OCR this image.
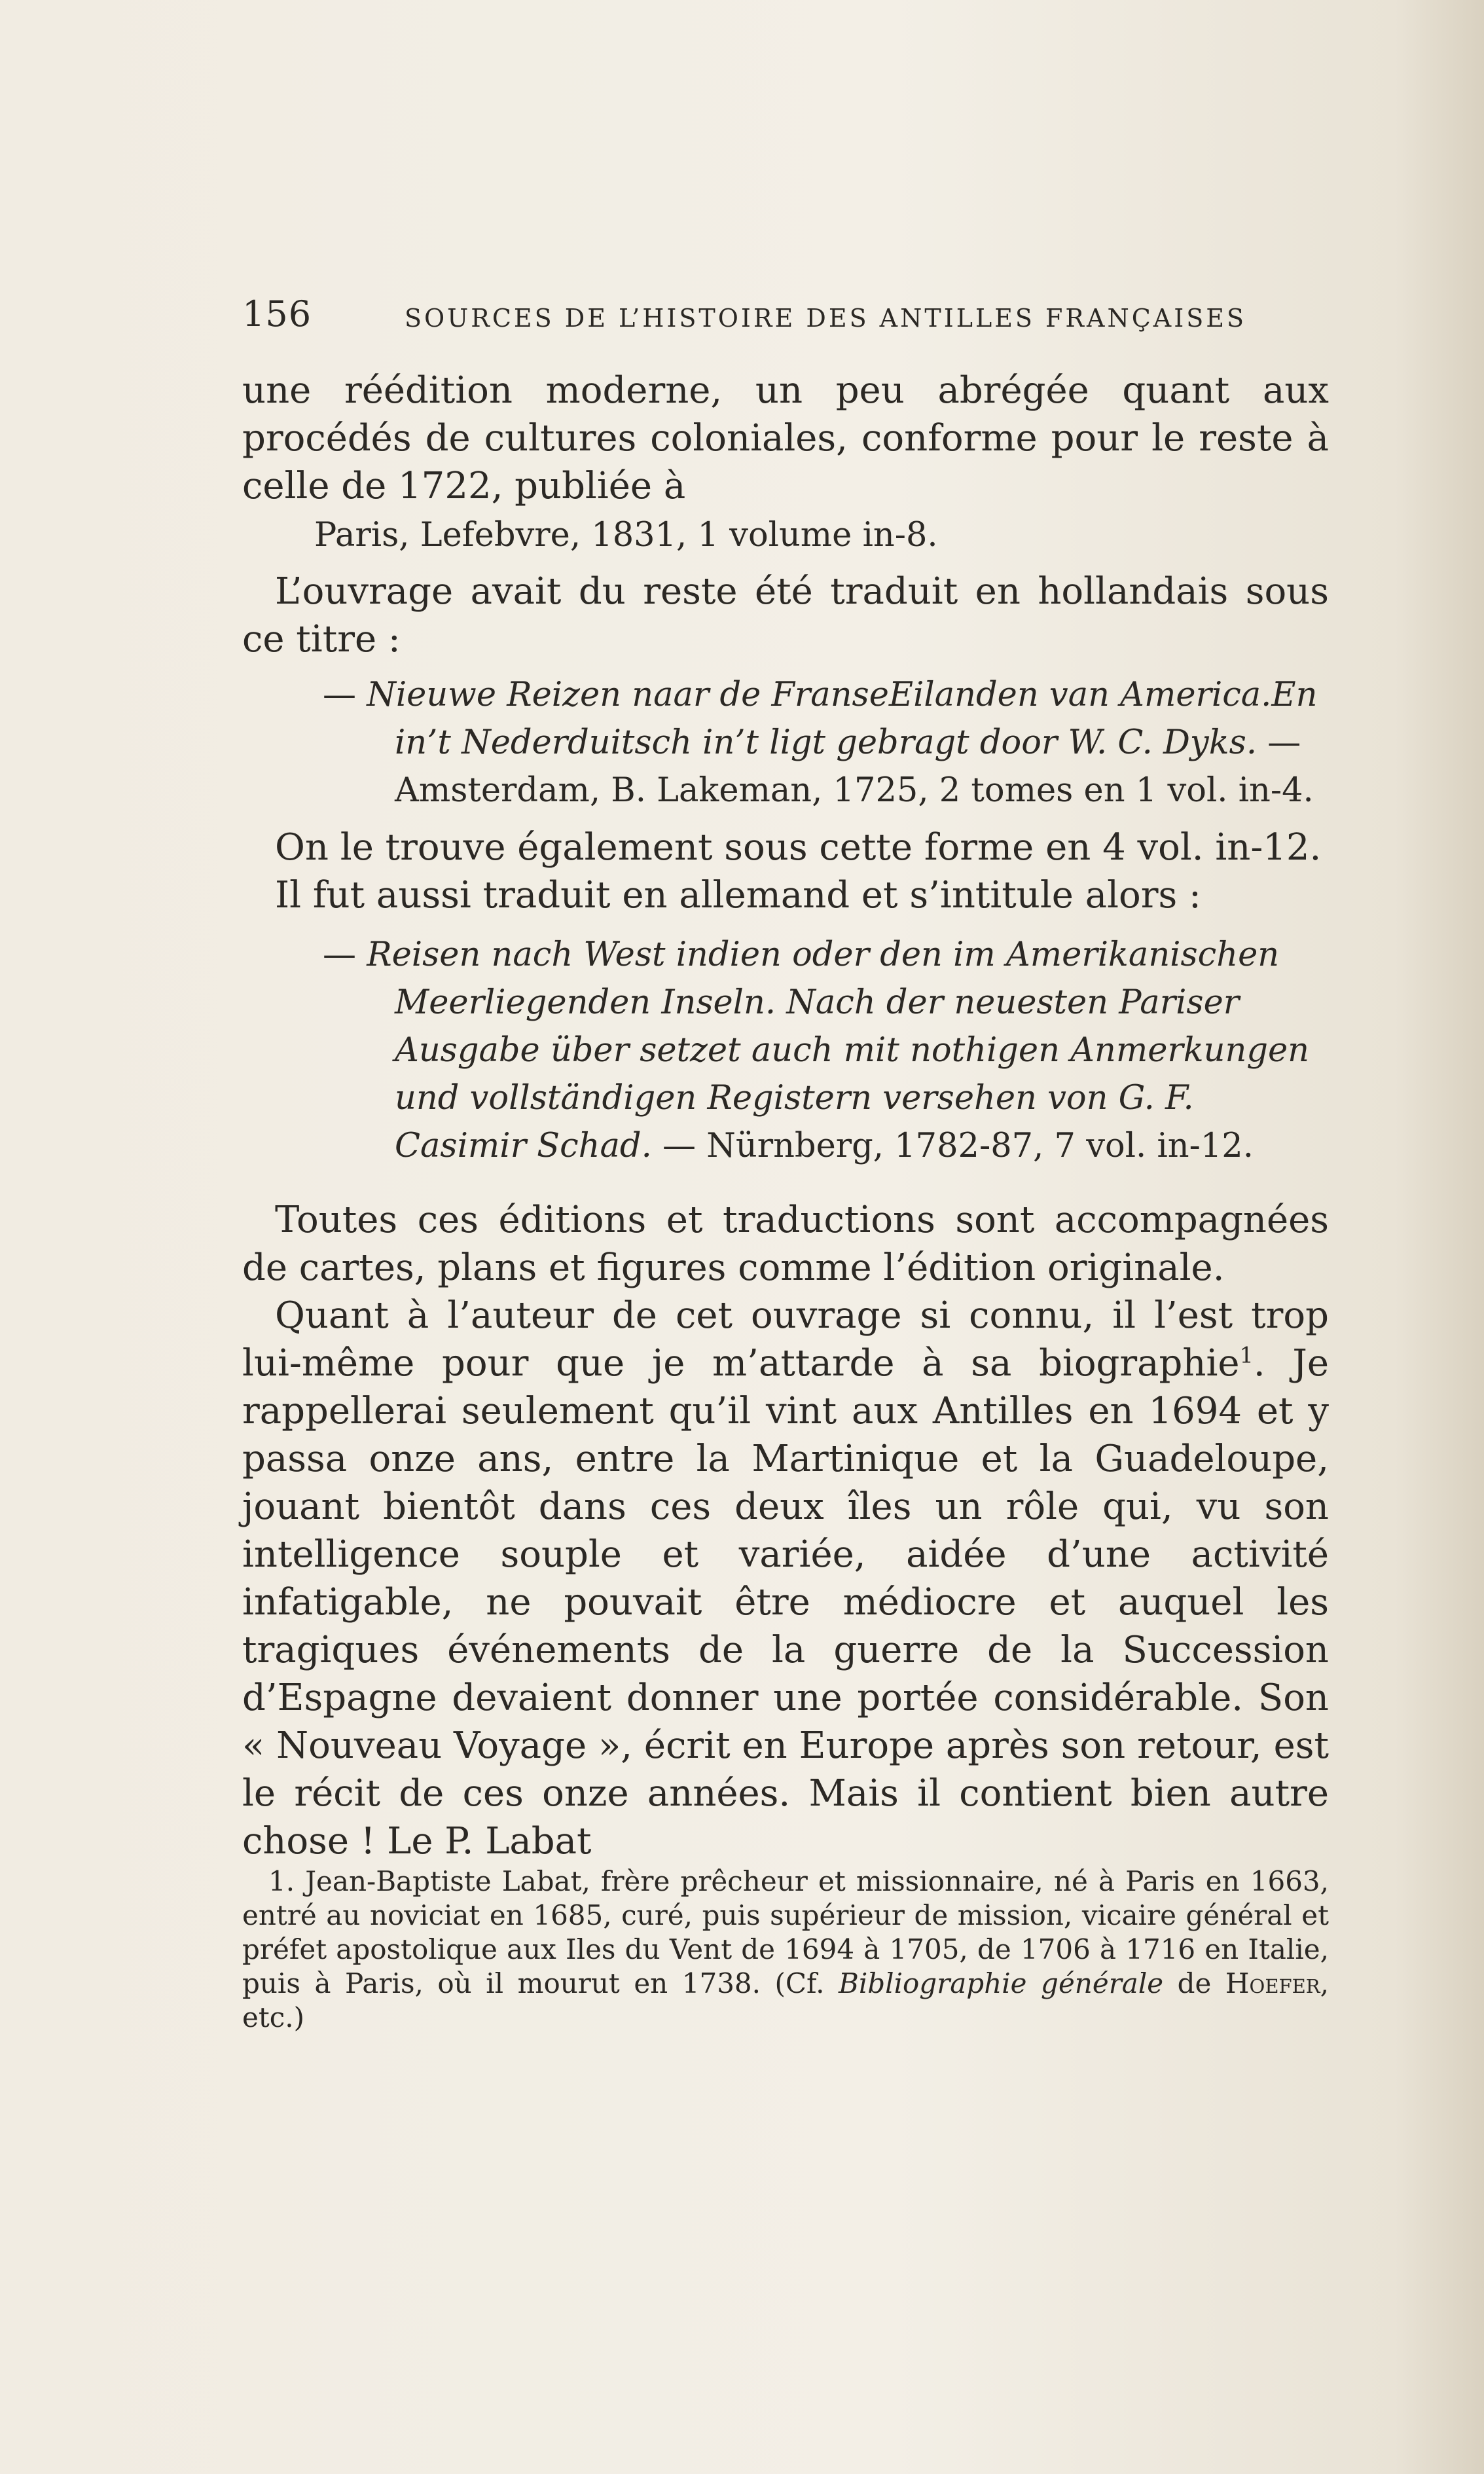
156	SOURCES DE L’HISTOIRE DES ANTILLES FRANÇAISES

une réédition moderne, un peu abrégée quant aux procédés de cultures coloniales, conforme pour le reste à celle de 1722, publiée à

Paris, Lefebvre, 1831, 1 volume in-8.

L’ouvrage avait du reste été traduit en hollandais sous ce titre :

— Nieuwe Reizen naar de FranseEilanden van America.En in’t Nederduitsch in’t ligt gebragt door W. C. Dyks. — Amsterdam, B. Lakeman, 1725, 2 tomes en 1 vol. in-4.

On le trouve également sous cette forme en 4 vol. in-12.

Il fut aussi traduit en allemand et s’intitule alors :

— Reisen nach West indien oder den im Amerikanischen Meerliegenden Inseln. Nach der neuesten Pariser Ausgabe über setzet auch mit nothigen Anmerkungen und vollständigen Registern versehen von G. F. Casimir Schad. — Nürnberg, 1782-87, 7 vol. in-12.

Toutes ces éditions et traductions sont accompagnées de cartes, plans et figures comme l’édition originale.

Quant à l’auteur de cet ouvrage si connu, il l’est trop lui-même pour que je m’attarde à sa biographie$^1$. Je rappellerai seulement qu’il vint aux Antilles en 1694 et y passa onze ans, entre la Martinique et la Guadeloupe, jouant bientôt dans ces deux îles un rôle qui, vu son intelligence souple et variée, aidée d’une activité infatigable, ne pouvait être médiocre et auquel les tragiques événements de la guerre de la Succession d’Espagne devaient donner une portée considérable. Son « Nouveau Voyage », écrit en Europe après son retour, est le récit de ces onze années. Mais il contient bien autre chose ! Le P. Labat

1. Jean-Baptiste Labat, frère prêcheur et missionnaire, né à Paris en 1663, entré au noviciat en 1685, curé, puis supérieur de mission, vicaire général et préfet apostolique aux Iles du Vent de 1694 à 1705, de 1706 à 1716 en Italie, puis à Paris, où il mourut en 1738. (Cf. Bibliographie générale de Hoefer, etc.)
